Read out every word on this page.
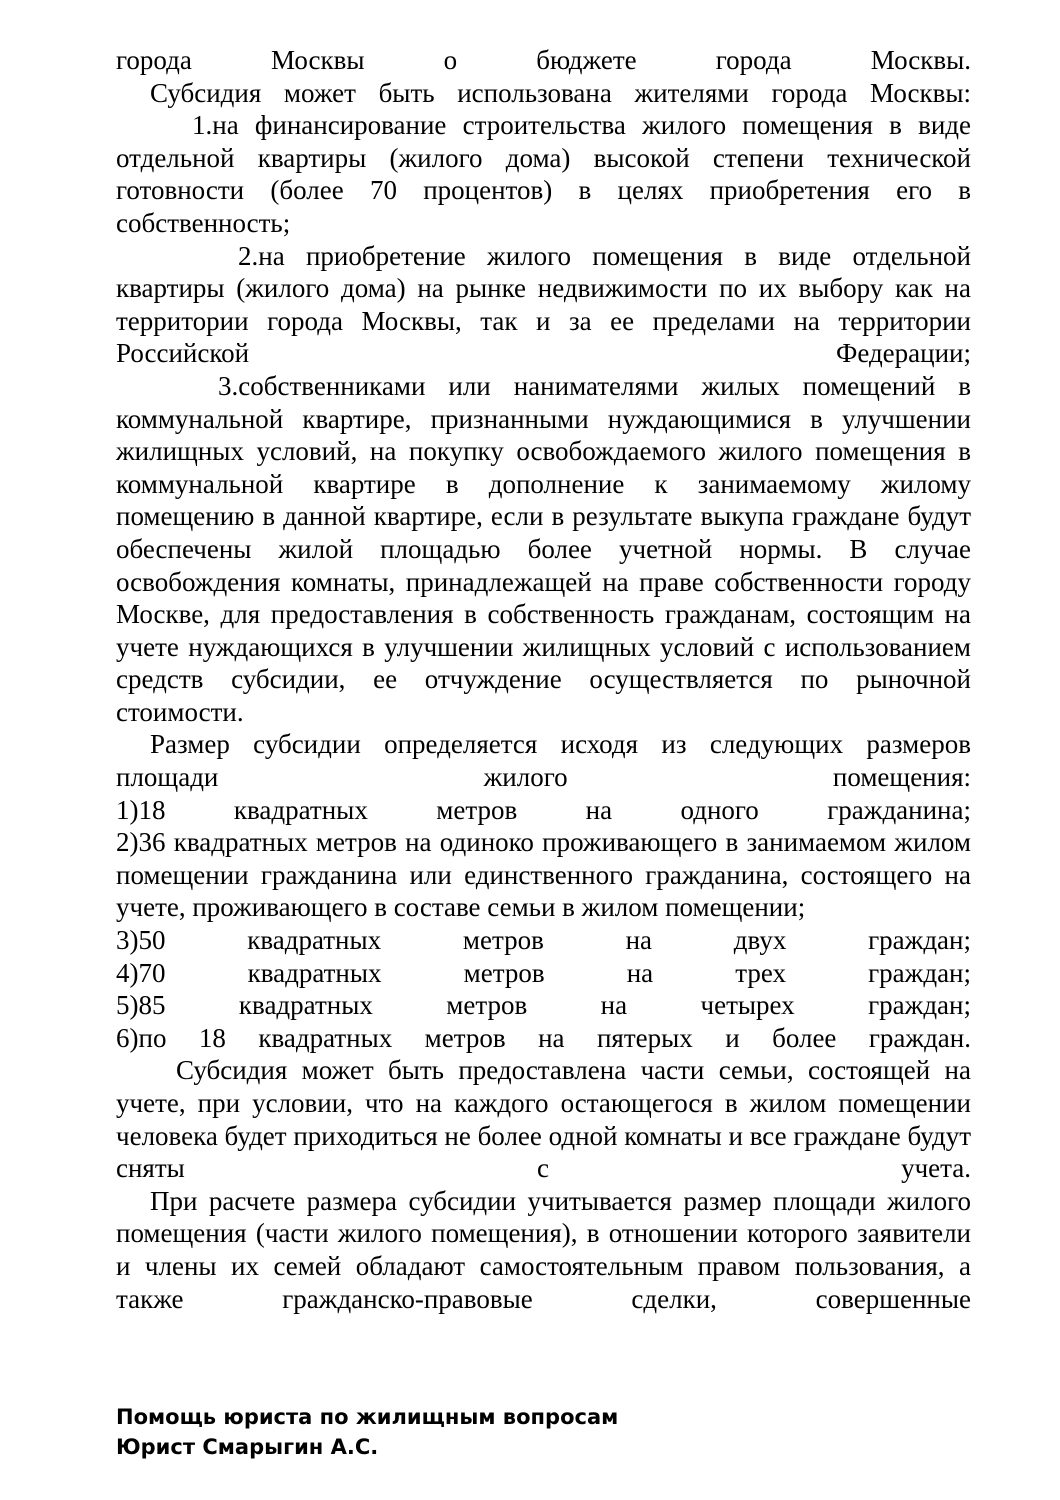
города Москвы о бюджете города Москвы.

Субсидия может быть использована жителями города Москвы:

1.на финансирование строительства жилого помещения в виде отдельной квартиры (жилого дома) высокой степени технической готовности (более 70 процентов) в целях приобретения его в собственность;

2.на приобретение жилого помещения в виде отдельной квартиры (жилого дома) на рынке недвижимости по их выбору как на территории города Москвы, так и за ее пределами на территории Российской Федерации;

3.собственниками или нанимателями жилых помещений в коммунальной квартире, признанными нуждающимися в улучшении жилищных условий, на покупку освобождаемого жилого помещения в коммунальной квартире в дополнение к занимаемому жилому помещению в данной квартире, если в результате выкупа граждане будут обеспечены жилой площадью более учетной нормы. В случае освобождения комнаты, принадлежащей на праве собственности городу Москве, для предоставления в собственность гражданам, состоящим на учете нуждающихся в улучшении жилищных условий с использованием средств субсидии, ее отчуждение осуществляется по рыночной стоимости.

Размер субсидии определяется исходя из следующих размеров площади жилого помещения:

1)18 квадратных метров на одного гражданина;

2)36 квадратных метров на одиноко проживающего в занимаемом жилом помещении гражданина или единственного гражданина, состоящего на учете, проживающего в составе семьи в жилом помещении;

3)50 квадратных метров на двух граждан;

4)70 квадратных метров на трех граждан;

5)85 квадратных метров на четырех граждан;

6)по 18 квадратных метров на пятерых и более граждан.

Субсидия может быть предоставлена части семьи, состоящей на учете, при условии, что на каждого остающегося в жилом помещении человека будет приходиться не более одной комнаты и все граждане будут сняты с учета.

При расчете размера субсидии учитывается размер площади жилого помещения (части жилого помещения), в отношении которого заявители и члены их семей обладают самостоятельным правом пользования, а также гражданско-правовые сделки, совершенные

Помощь юриста по жилищным вопросам
Юрист Смарыгин А.С.
